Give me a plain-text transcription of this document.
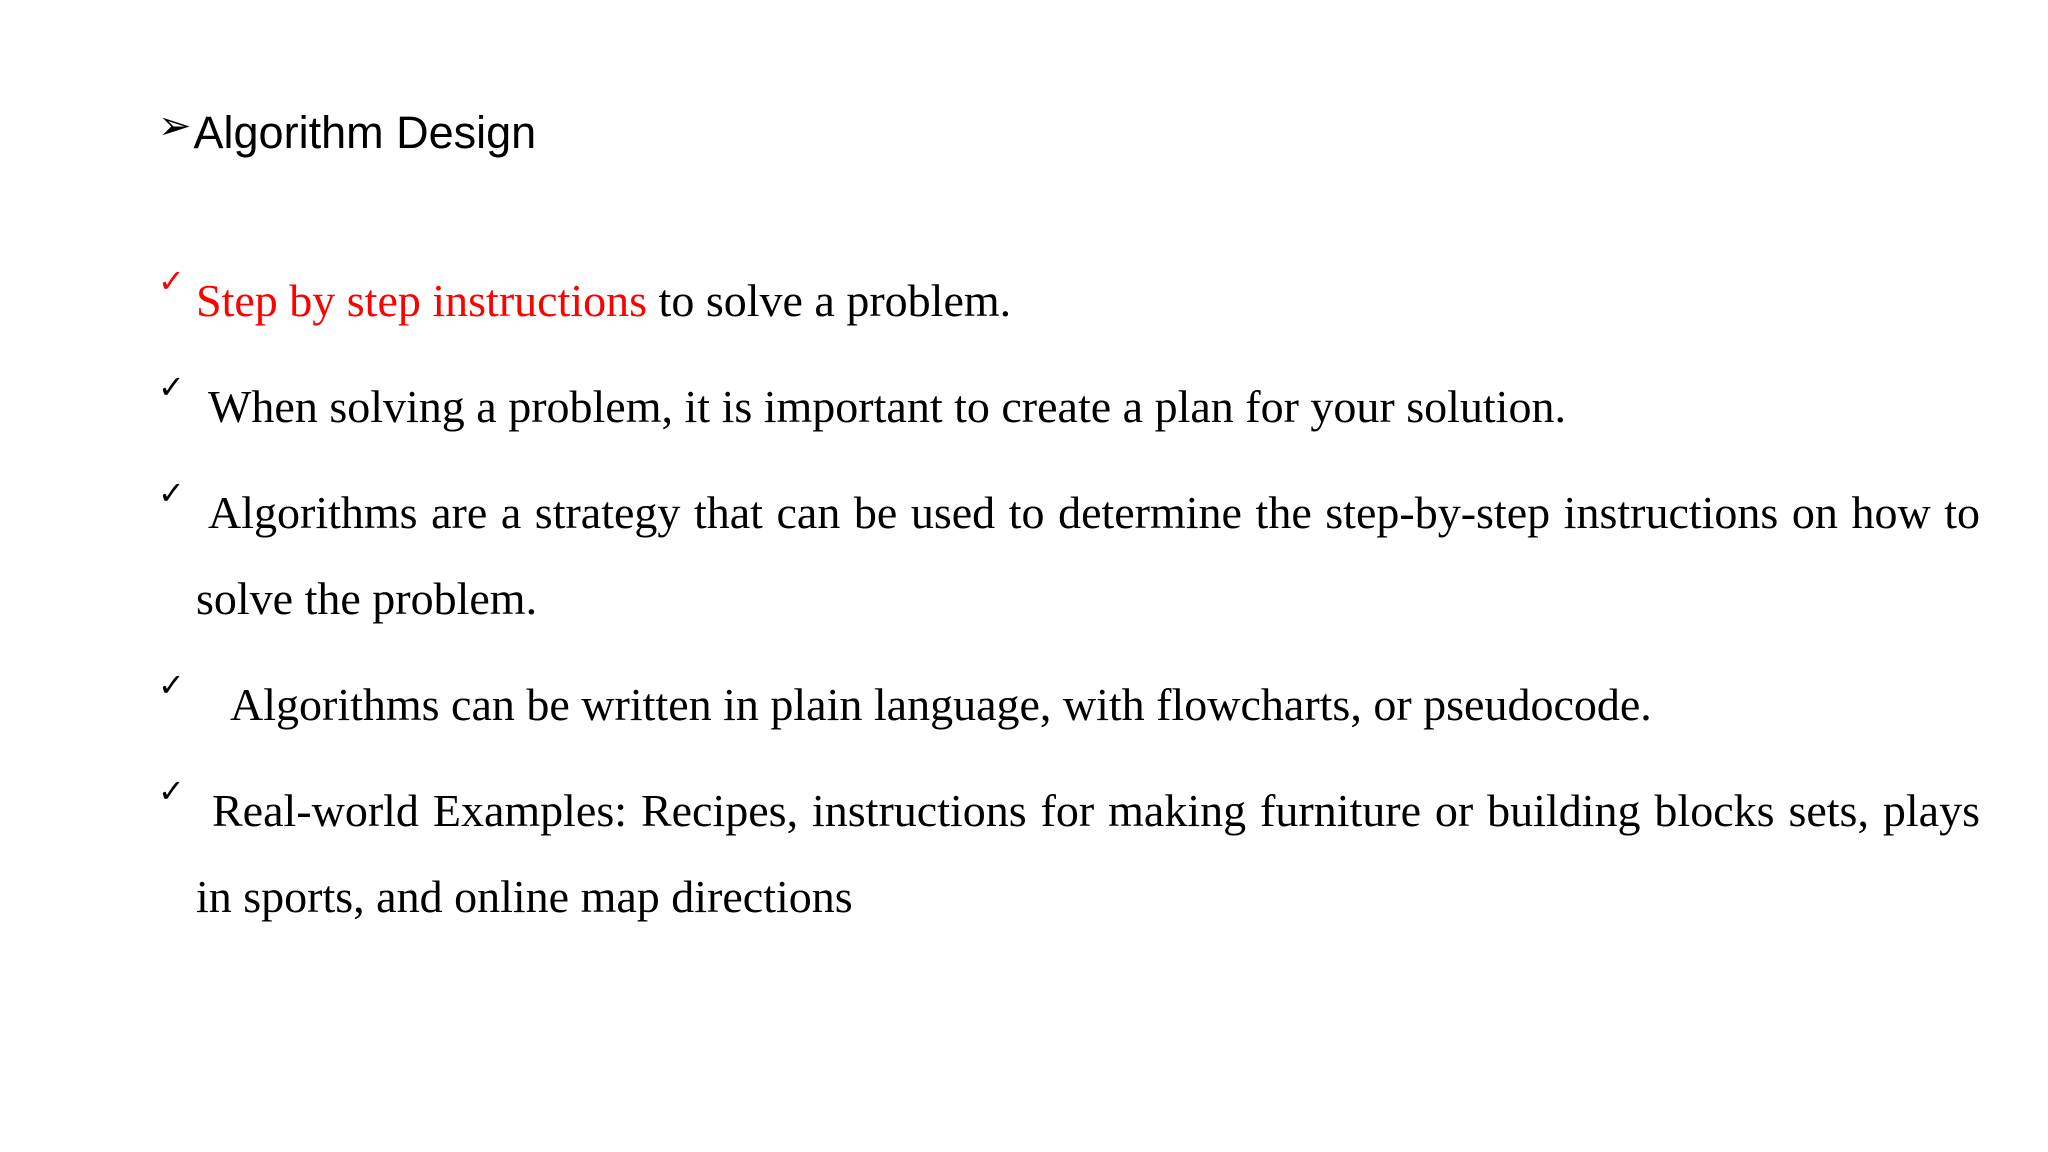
➢ Algorithm Design
✓ Step by step instructions to solve a problem.
✓ When solving a problem, it is important to create a plan for your solution.
✓ Algorithms are a strategy that can be used to determine the step-by-step instructions on how to solve the problem.
✓ Algorithms can be written in plain language, with flowcharts, or pseudocode.
✓ Real-world Examples: Recipes, instructions for making furniture or building blocks sets, plays in sports, and online map directions
